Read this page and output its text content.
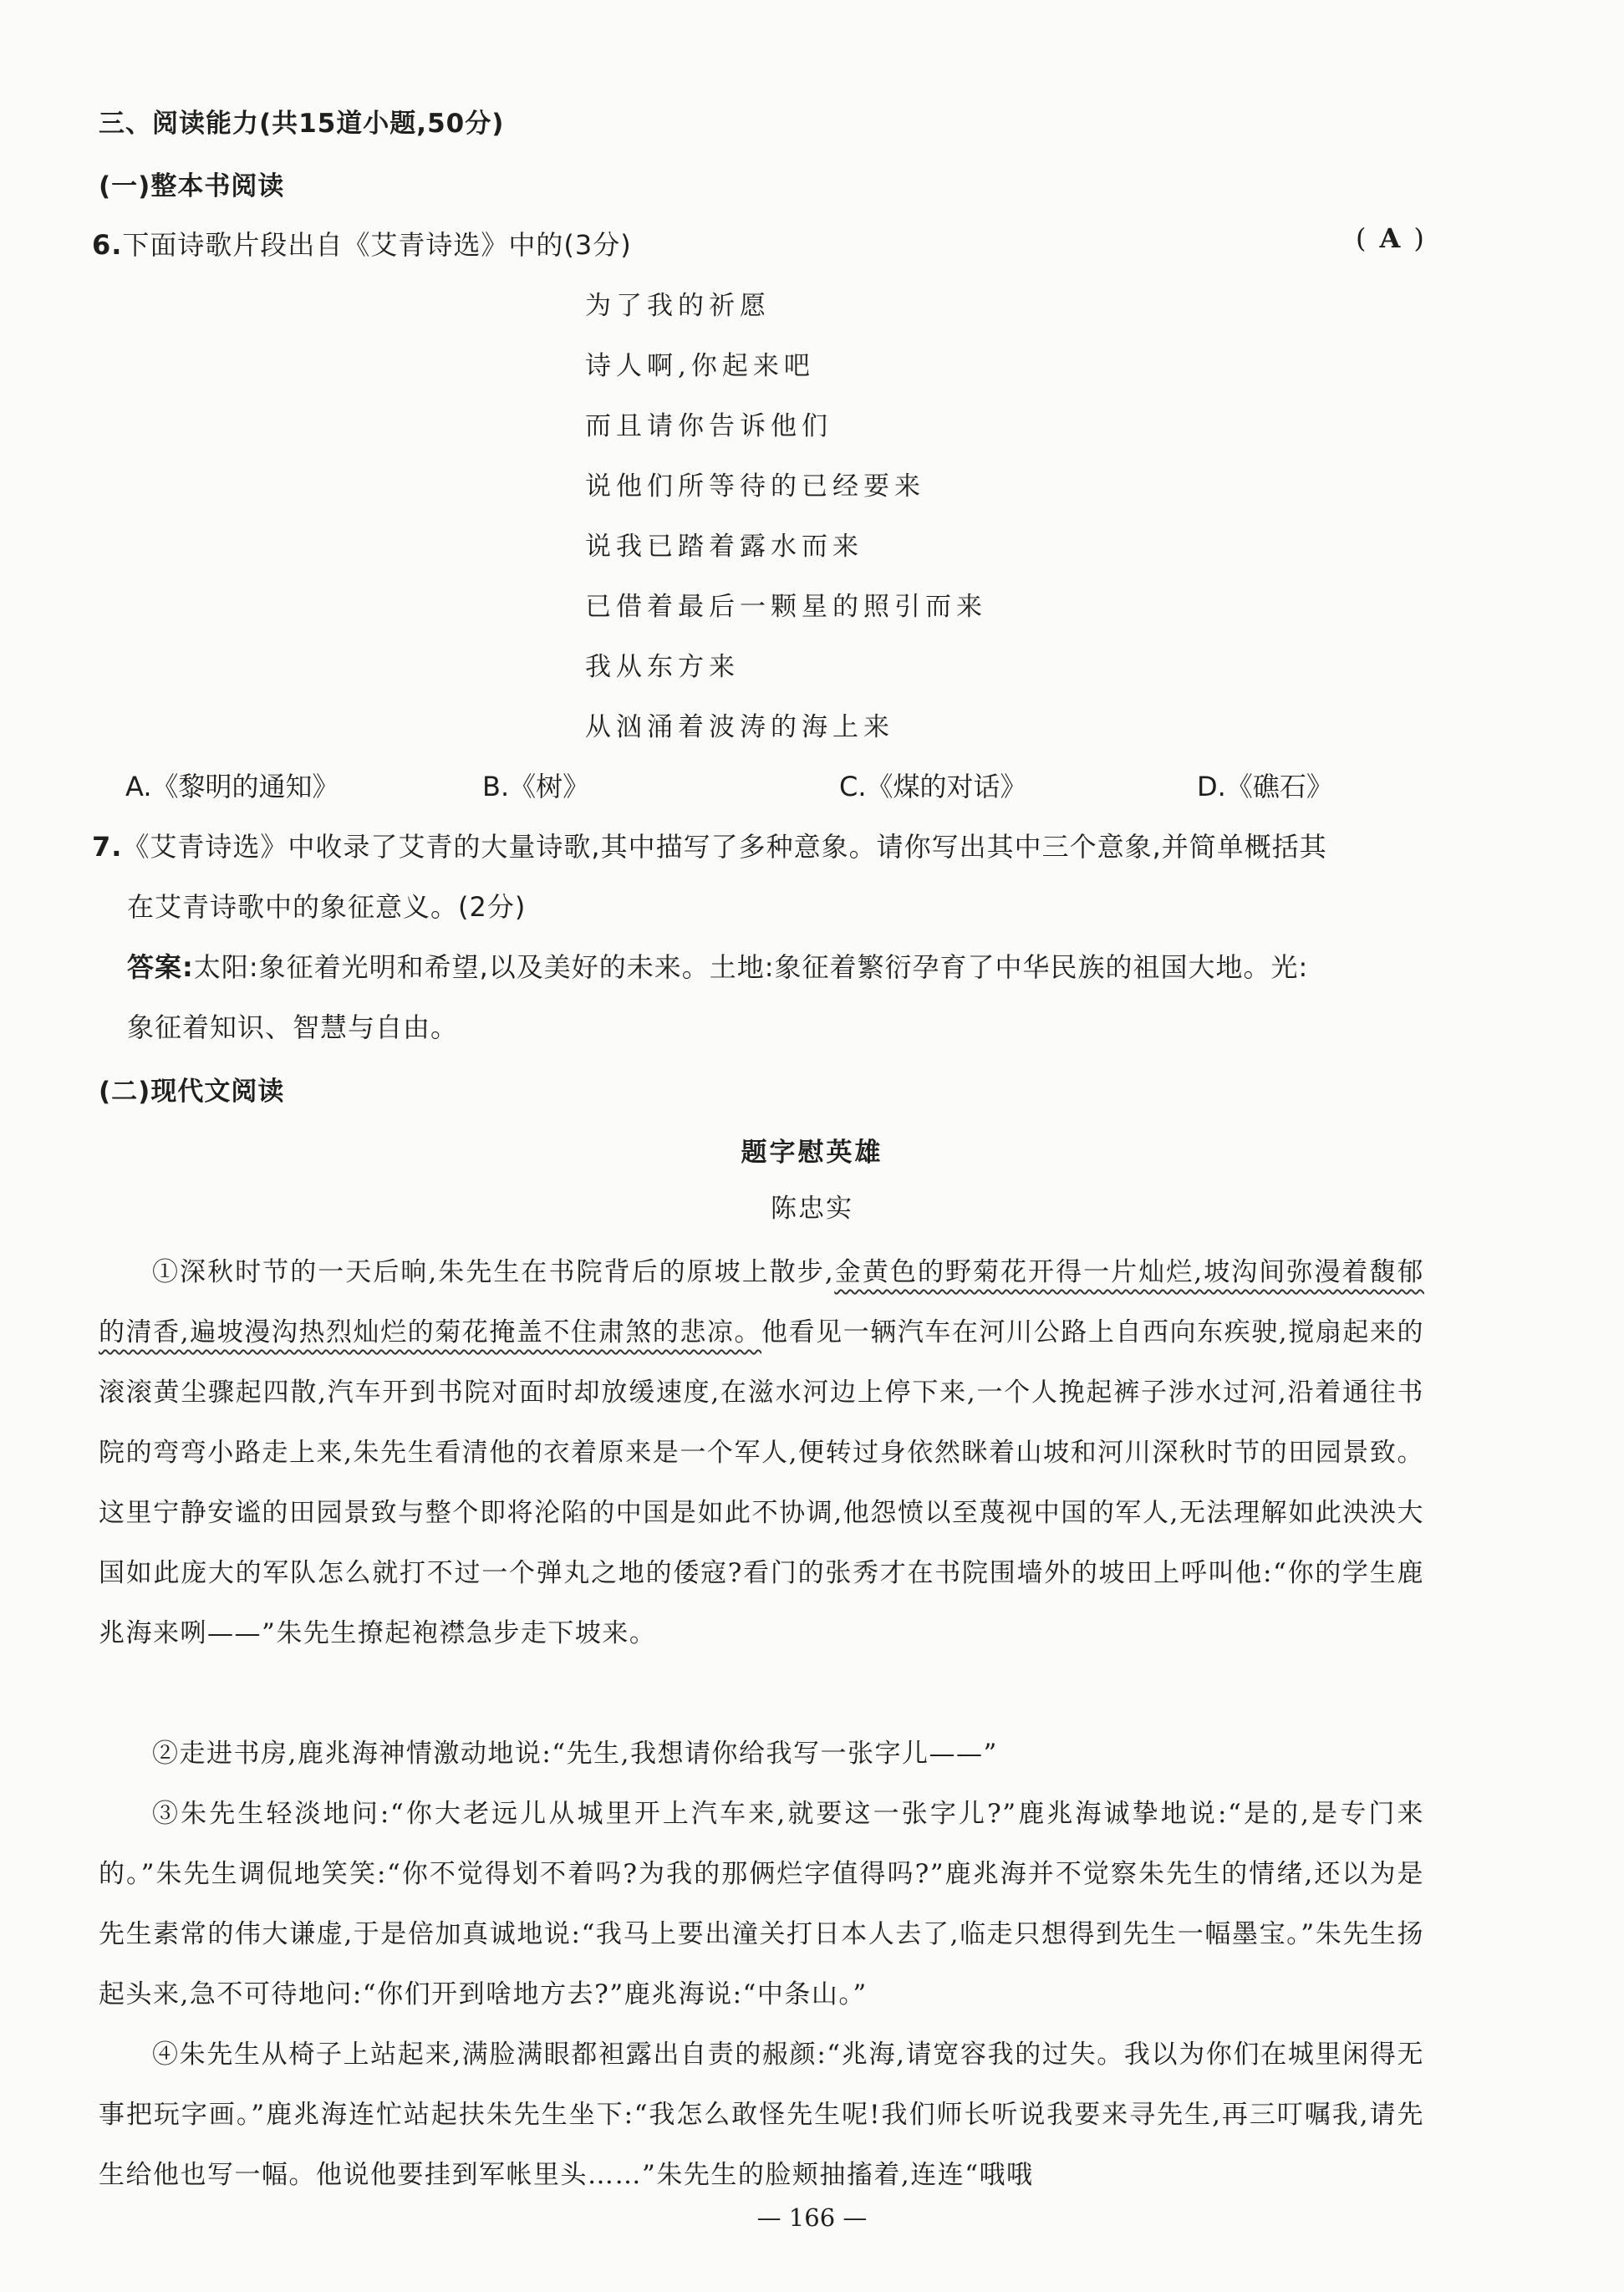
三、阅读能力(共15道小题,50分)
(一)整本书阅读
6.下面诗歌片段出自《艾青诗选》中的(3分)	(  A  )
为了我的祈愿
诗人啊,你起来吧
而且请你告诉他们
说他们所等待的已经要来
说我已踏着露水而来
已借着最后一颗星的照引而来
我从东方来
从汹涌着波涛的海上来
A.《黎明的通知》	B.《树》	C.《煤的对话》	D.《礁石》
7.《艾青诗选》中收录了艾青的大量诗歌,其中描写了多种意象。请你写出其中三个意象,并简单概括其
在艾青诗歌中的象征意义。(2分)
答案:太阳:象征着光明和希望,以及美好的未来。土地:象征着繁衍孕育了中华民族的祖国大地。光:
象征着知识、智慧与自由。
(二)现代文阅读
题字慰英雄
陈忠实
①深秋时节的一天后晌,朱先生在书院背后的原坡上散步,金黄色的野菊花开得一片灿烂,坡沟间弥漫着馥郁的清香,遍坡漫沟热烈灿烂的菊花掩盖不住肃煞的悲凉。他看见一辆汽车在河川公路上自西向东疾驶,搅扇起来的滚滚黄尘骤起四散,汽车开到书院对面时却放缓速度,在滋水河边上停下来,一个人挽起裤子涉水过河,沿着通往书院的弯弯小路走上来,朱先生看清他的衣着原来是一个军人,便转过身依然眯着山坡和河川深秋时节的田园景致。这里宁静安谧的田园景致与整个即将沦陷的中国是如此不协调,他怨愤以至蔑视中国的军人,无法理解如此泱泱大国如此庞大的军队怎么就打不过一个弹丸之地的倭寇?看门的张秀才在书院围墙外的坡田上呼叫他:“你的学生鹿兆海来咧——”朱先生撩起袍襟急步走下坡来。
②走进书房,鹿兆海神情激动地说:“先生,我想请你给我写一张字儿——”
③朱先生轻淡地问:“你大老远儿从城里开上汽车来,就要这一张字儿?”鹿兆海诚挚地说:“是的,是专门来的。”朱先生调侃地笑笑:“你不觉得划不着吗?为我的那俩烂字值得吗?”鹿兆海并不觉察朱先生的情绪,还以为是先生素常的伟大谦虚,于是倍加真诚地说:“我马上要出潼关打日本人去了,临走只想得到先生一幅墨宝。”朱先生扬起头来,急不可待地问:“你们开到啥地方去?”鹿兆海说:“中条山。”
④朱先生从椅子上站起来,满脸满眼都袒露出自责的赧颜:“兆海,请宽容我的过失。我以为你们在城里闲得无事把玩字画。”鹿兆海连忙站起扶朱先生坐下:“我怎么敢怪先生呢!我们师长听说我要来寻先生,再三叮嘱我,请先生给他也写一幅。他说他要挂到军帐里头……”朱先生的脸颊抽搐着,连连“哦哦
— 166 —
